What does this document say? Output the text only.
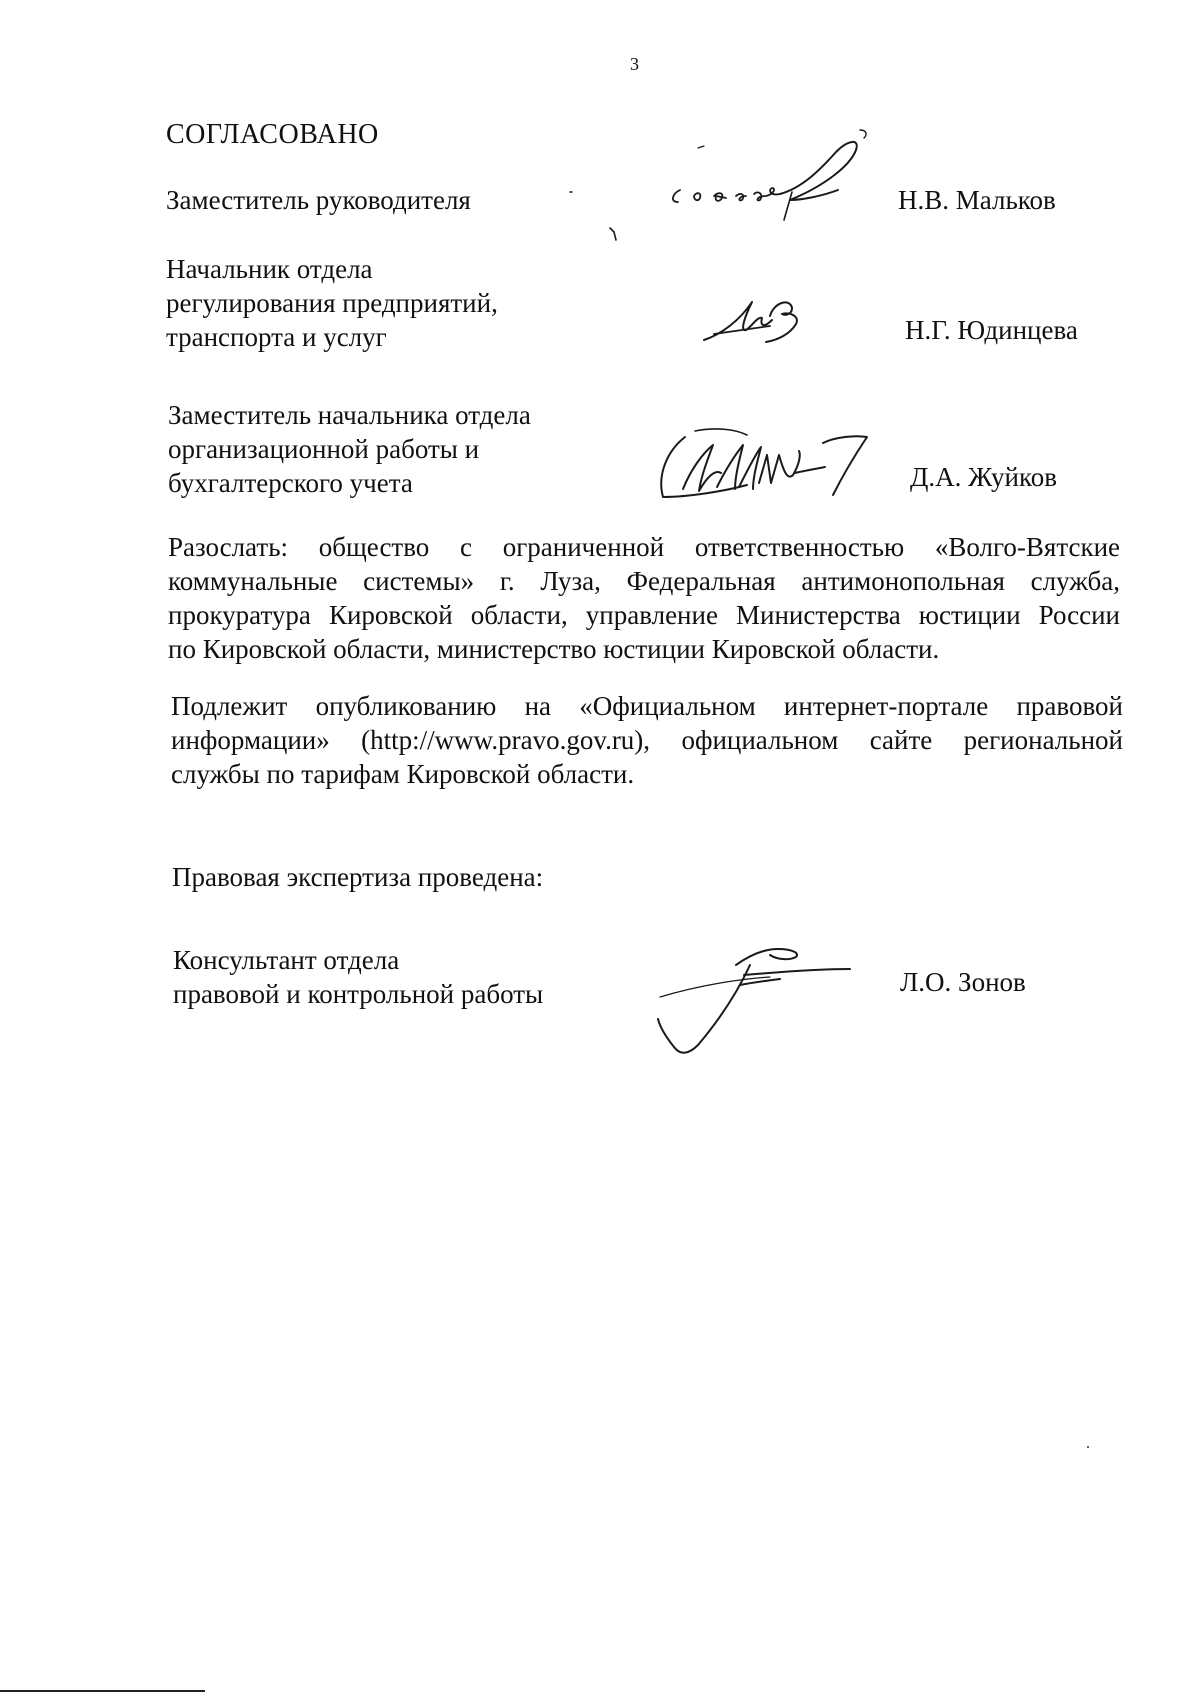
3
СОГЛАСОВАНО
Заместитель руководителя	Н.В. Мальков
Начальник отдела
регулирования предприятий,
транспорта и услуг	Н.Г. Юдинцева
Заместитель начальника отдела
организационной работы и
бухгалтерского учета	Д.А. Жуйков
Разослать: общество с ограниченной ответственностью «Волго-Вятские
коммунальные системы» г. Луза, Федеральная антимонопольная служба,
прокуратура Кировской области, управление Министерства юстиции России
по Кировской области, министерство юстиции Кировской области.
Подлежит опубликованию на «Официальном интернет-портале правовой
информации» (http://www.pravo.gov.ru), официальном сайте региональной
службы по тарифам Кировской области.
Правовая экспертиза проведена:
Консультант отдела
правовой и контрольной работы	Л.О. Зонов
